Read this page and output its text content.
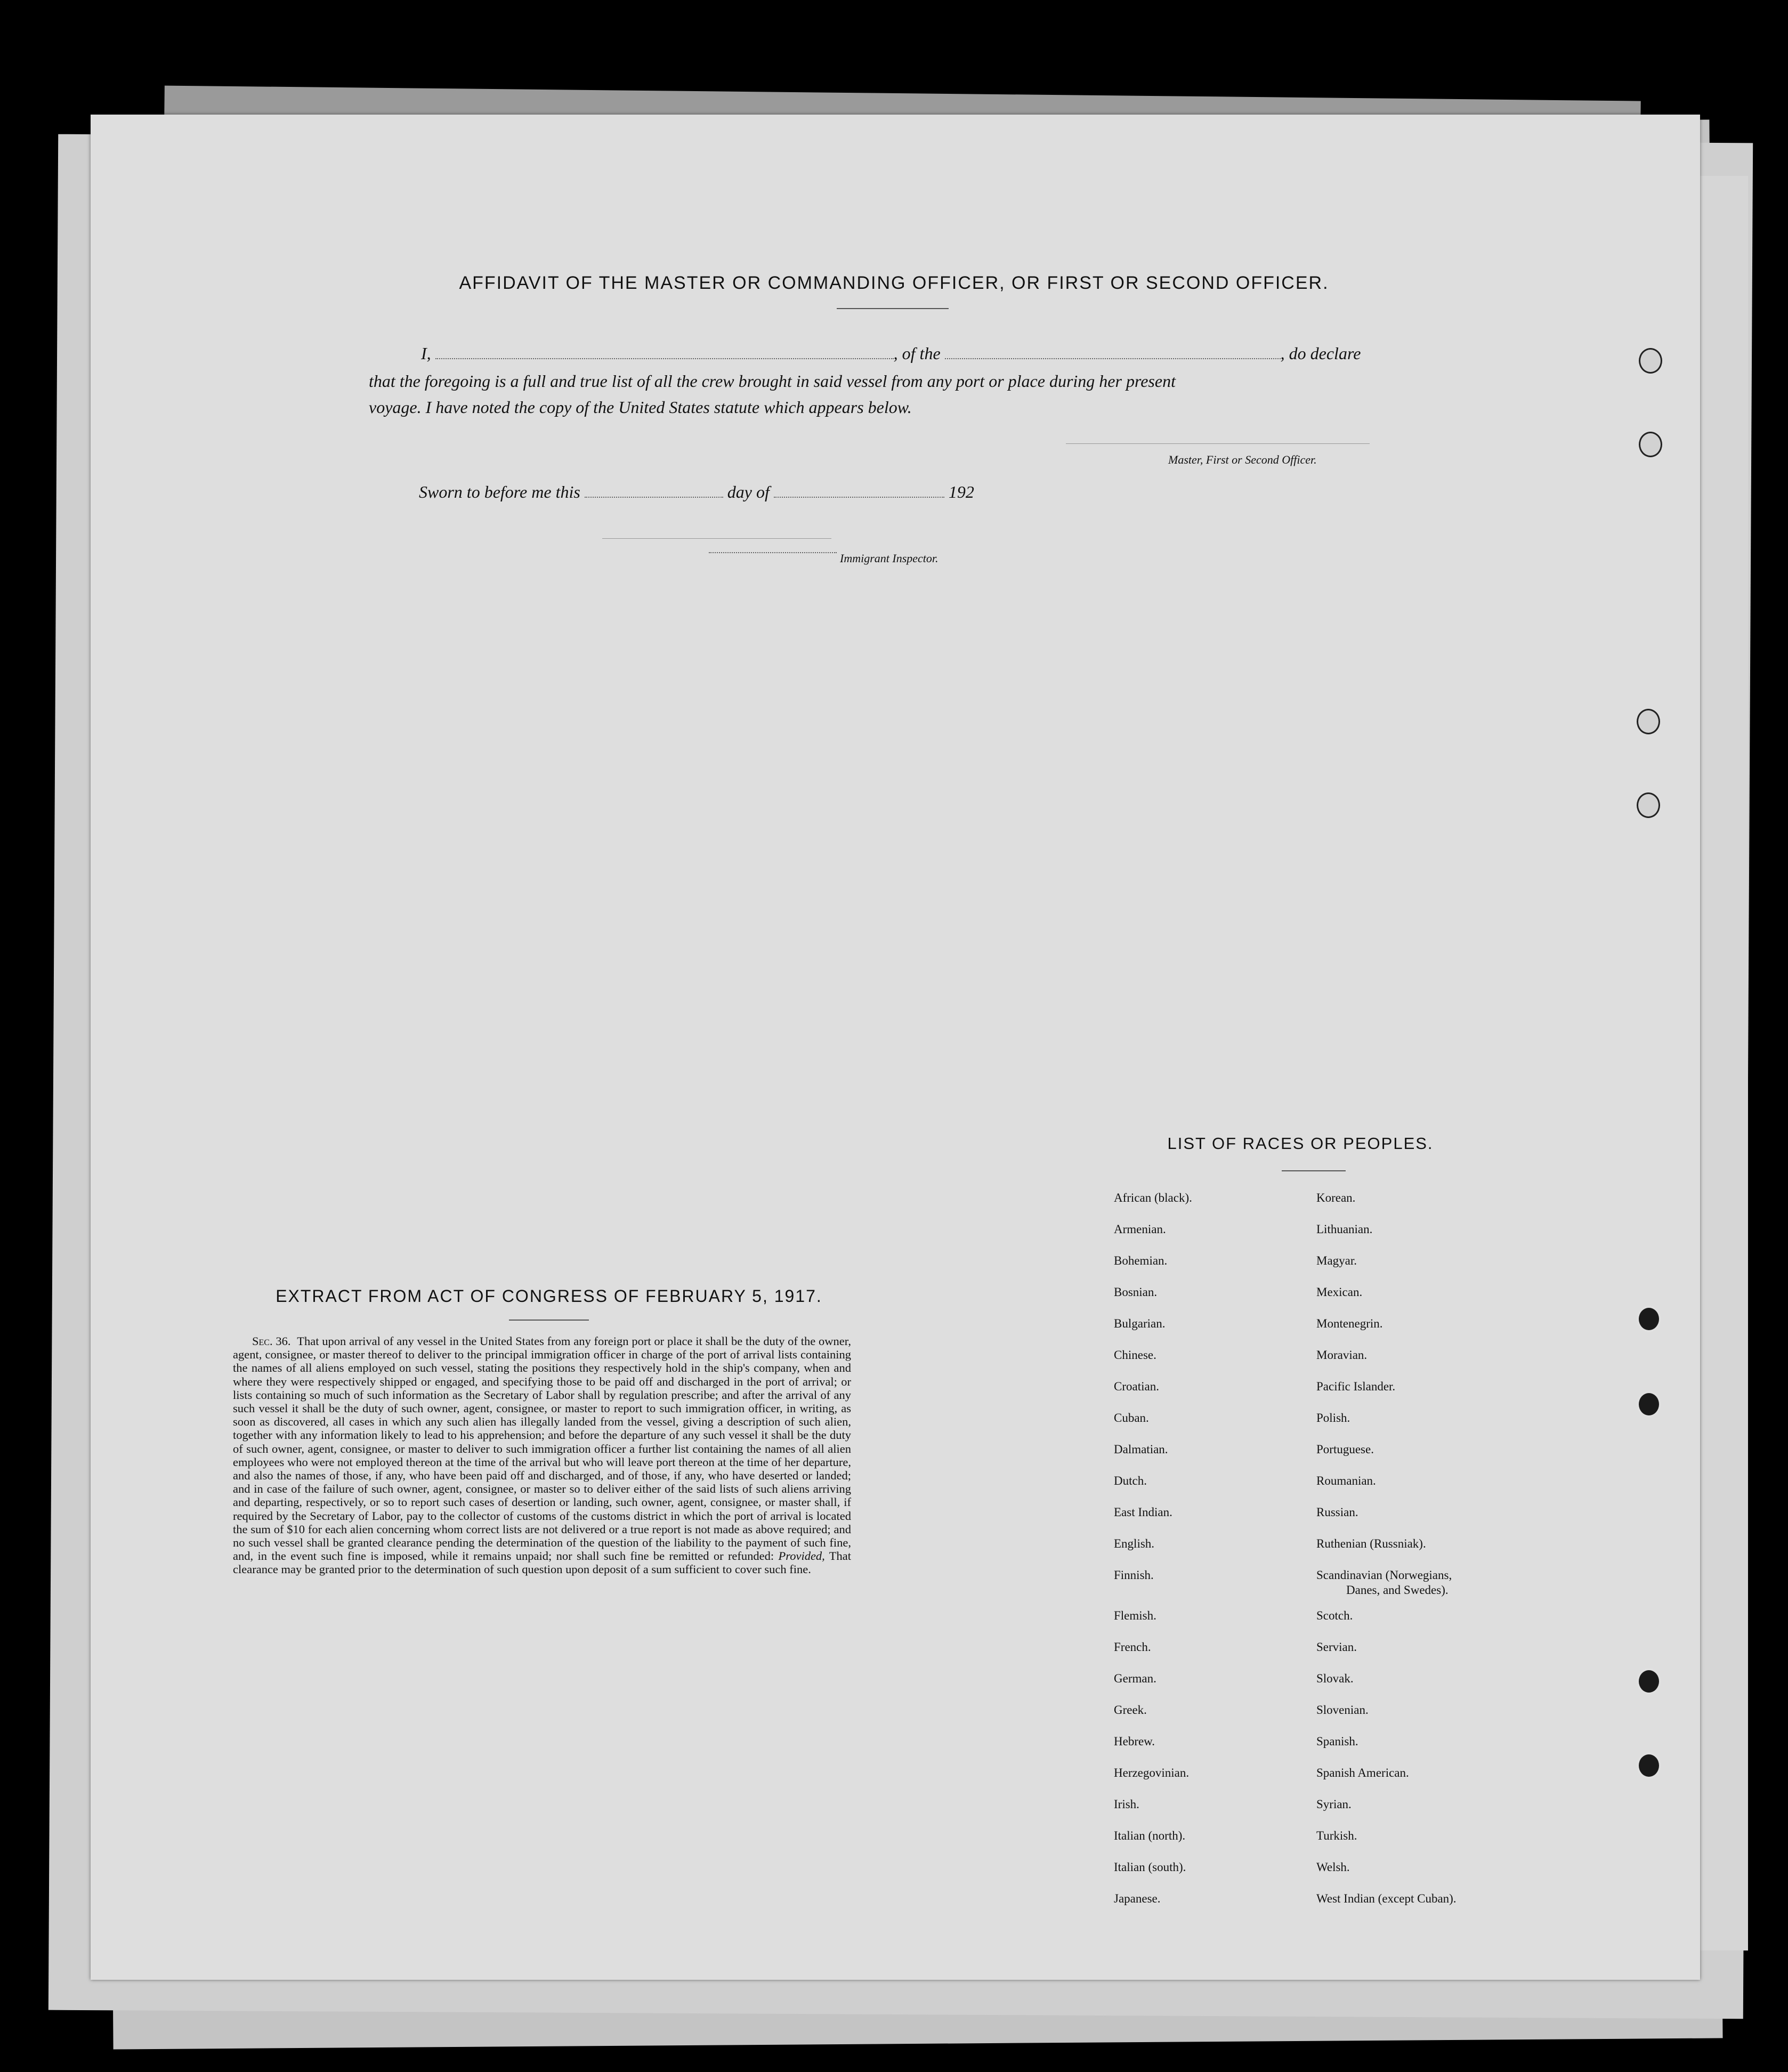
AFFIDAVIT OF THE MASTER OR COMMANDING OFFICER, OR FIRST OR SECOND OFFICER.
I,	, of the	, do declare
that the foregoing is a full and true list of all the crew brought in said vessel from any port or place during her present
voyage. I have noted the copy of the United States statute which appears below.
Master, First or Second Officer.
Sworn to before me this	day of	192
Immigrant Inspector.
LIST OF RACES OR PEOPLES.
African (black).	Korean.
Armenian.	Lithuanian.
Bohemian.	Magyar.
Bosnian.	Mexican.
Bulgarian.	Montenegrin.
Chinese.	Moravian.
Croatian.	Pacific Islander.
Cuban.	Polish.
Dalmatian.	Portuguese.
Dutch.	Roumanian.
East Indian.	Russian.
English.	Ruthenian (Russniak).
Finnish.	Scandinavian (Norwegians,
Danes, and Swedes).
Flemish.	Scotch.
French.	Servian.
German.	Slovak.
Greek.	Slovenian.
Hebrew.	Spanish.
Herzegovinian.	Spanish American.
Irish.	Syrian.
Italian (north).	Turkish.
Italian (south).	Welsh.
Japanese.	West Indian (except Cuban).
EXTRACT FROM ACT OF CONGRESS OF FEBRUARY 5, 1917.
Sec. 36. That upon arrival of any vessel in the United States from any foreign port or place it shall be the duty of the owner, agent, consignee, or master thereof to deliver to the principal immigration officer in charge of the port of arrival lists containing the names of all aliens employed on such vessel, stating the positions they respectively hold in the ship's company, when and where they were respectively shipped or engaged, and specifying those to be paid off and discharged in the port of arrival; or lists containing so much of such information as the Secretary of Labor shall by regulation prescribe; and after the arrival of any such vessel it shall be the duty of such owner, agent, consignee, or master to report to such immigration officer, in writing, as soon as discovered, all cases in which any such alien has illegally landed from the vessel, giving a description of such alien, together with any information likely to lead to his apprehension; and before the departure of any such vessel it shall be the duty of such owner, agent, consignee, or master to deliver to such immigration officer a further list containing the names of all alien employees who were not employed thereon at the time of the arrival but who will leave port thereon at the time of her departure, and also the names of those, if any, who have been paid off and discharged, and of those, if any, who have deserted or landed; and in case of the failure of such owner, agent, consignee, or master so to deliver either of the said lists of such aliens arriving and departing, respectively, or so to report such cases of desertion or landing, such owner, agent, consignee, or master shall, if required by the Secretary of Labor, pay to the collector of customs of the customs district in which the port of arrival is located the sum of $10 for each alien concerning whom correct lists are not delivered or a true report is not made as above required; and no such vessel shall be granted clearance pending the determination of the question of the liability to the payment of such fine, and, in the event such fine is imposed, while it remains unpaid; nor shall such fine be remitted or refunded: Provided, That clearance may be granted prior to the determination of such question upon deposit of a sum sufficient to cover such fine.
